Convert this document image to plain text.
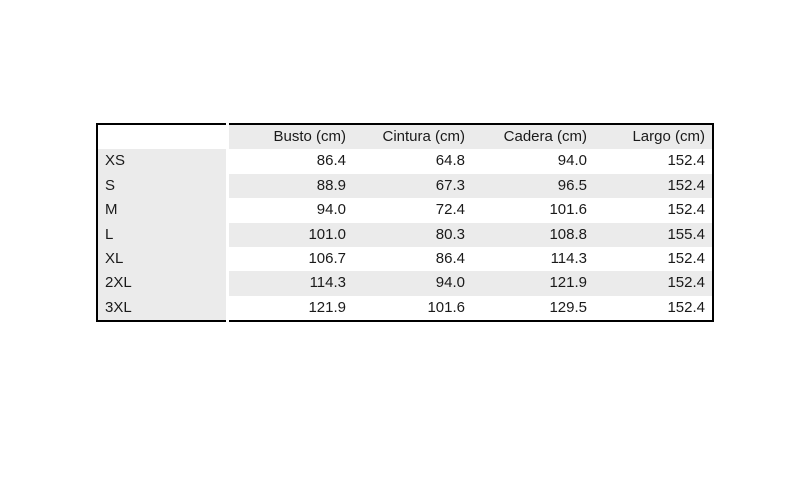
	Busto (cm)	Cintura (cm)	Cadera (cm)	Largo (cm)
XS	86.4	64.8	94.0	152.4
S	88.9	67.3	96.5	152.4
M	94.0	72.4	101.6	152.4
L	101.0	80.3	108.8	155.4
XL	106.7	86.4	114.3	152.4
2XL	114.3	94.0	121.9	152.4
3XL	121.9	101.6	129.5	152.4
